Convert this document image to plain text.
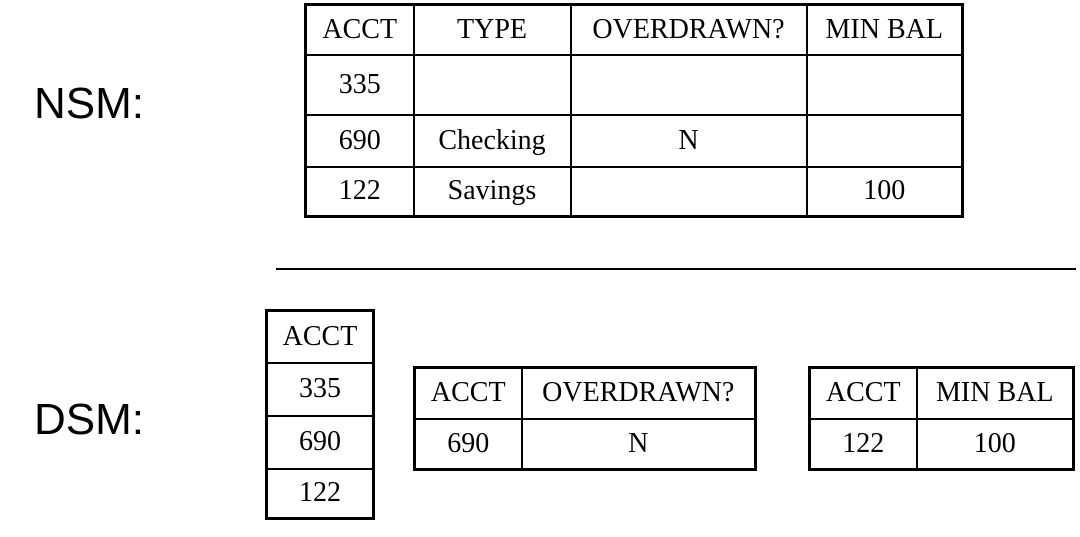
NSM:
ACCT	TYPE	OVERDRAWN?	MIN BAL
335			
690	Checking	N	
122	Savings		100
DSM:
ACCT
335
690
122
ACCT	OVERDRAWN?
690	N
ACCT	MIN BAL
122	100
